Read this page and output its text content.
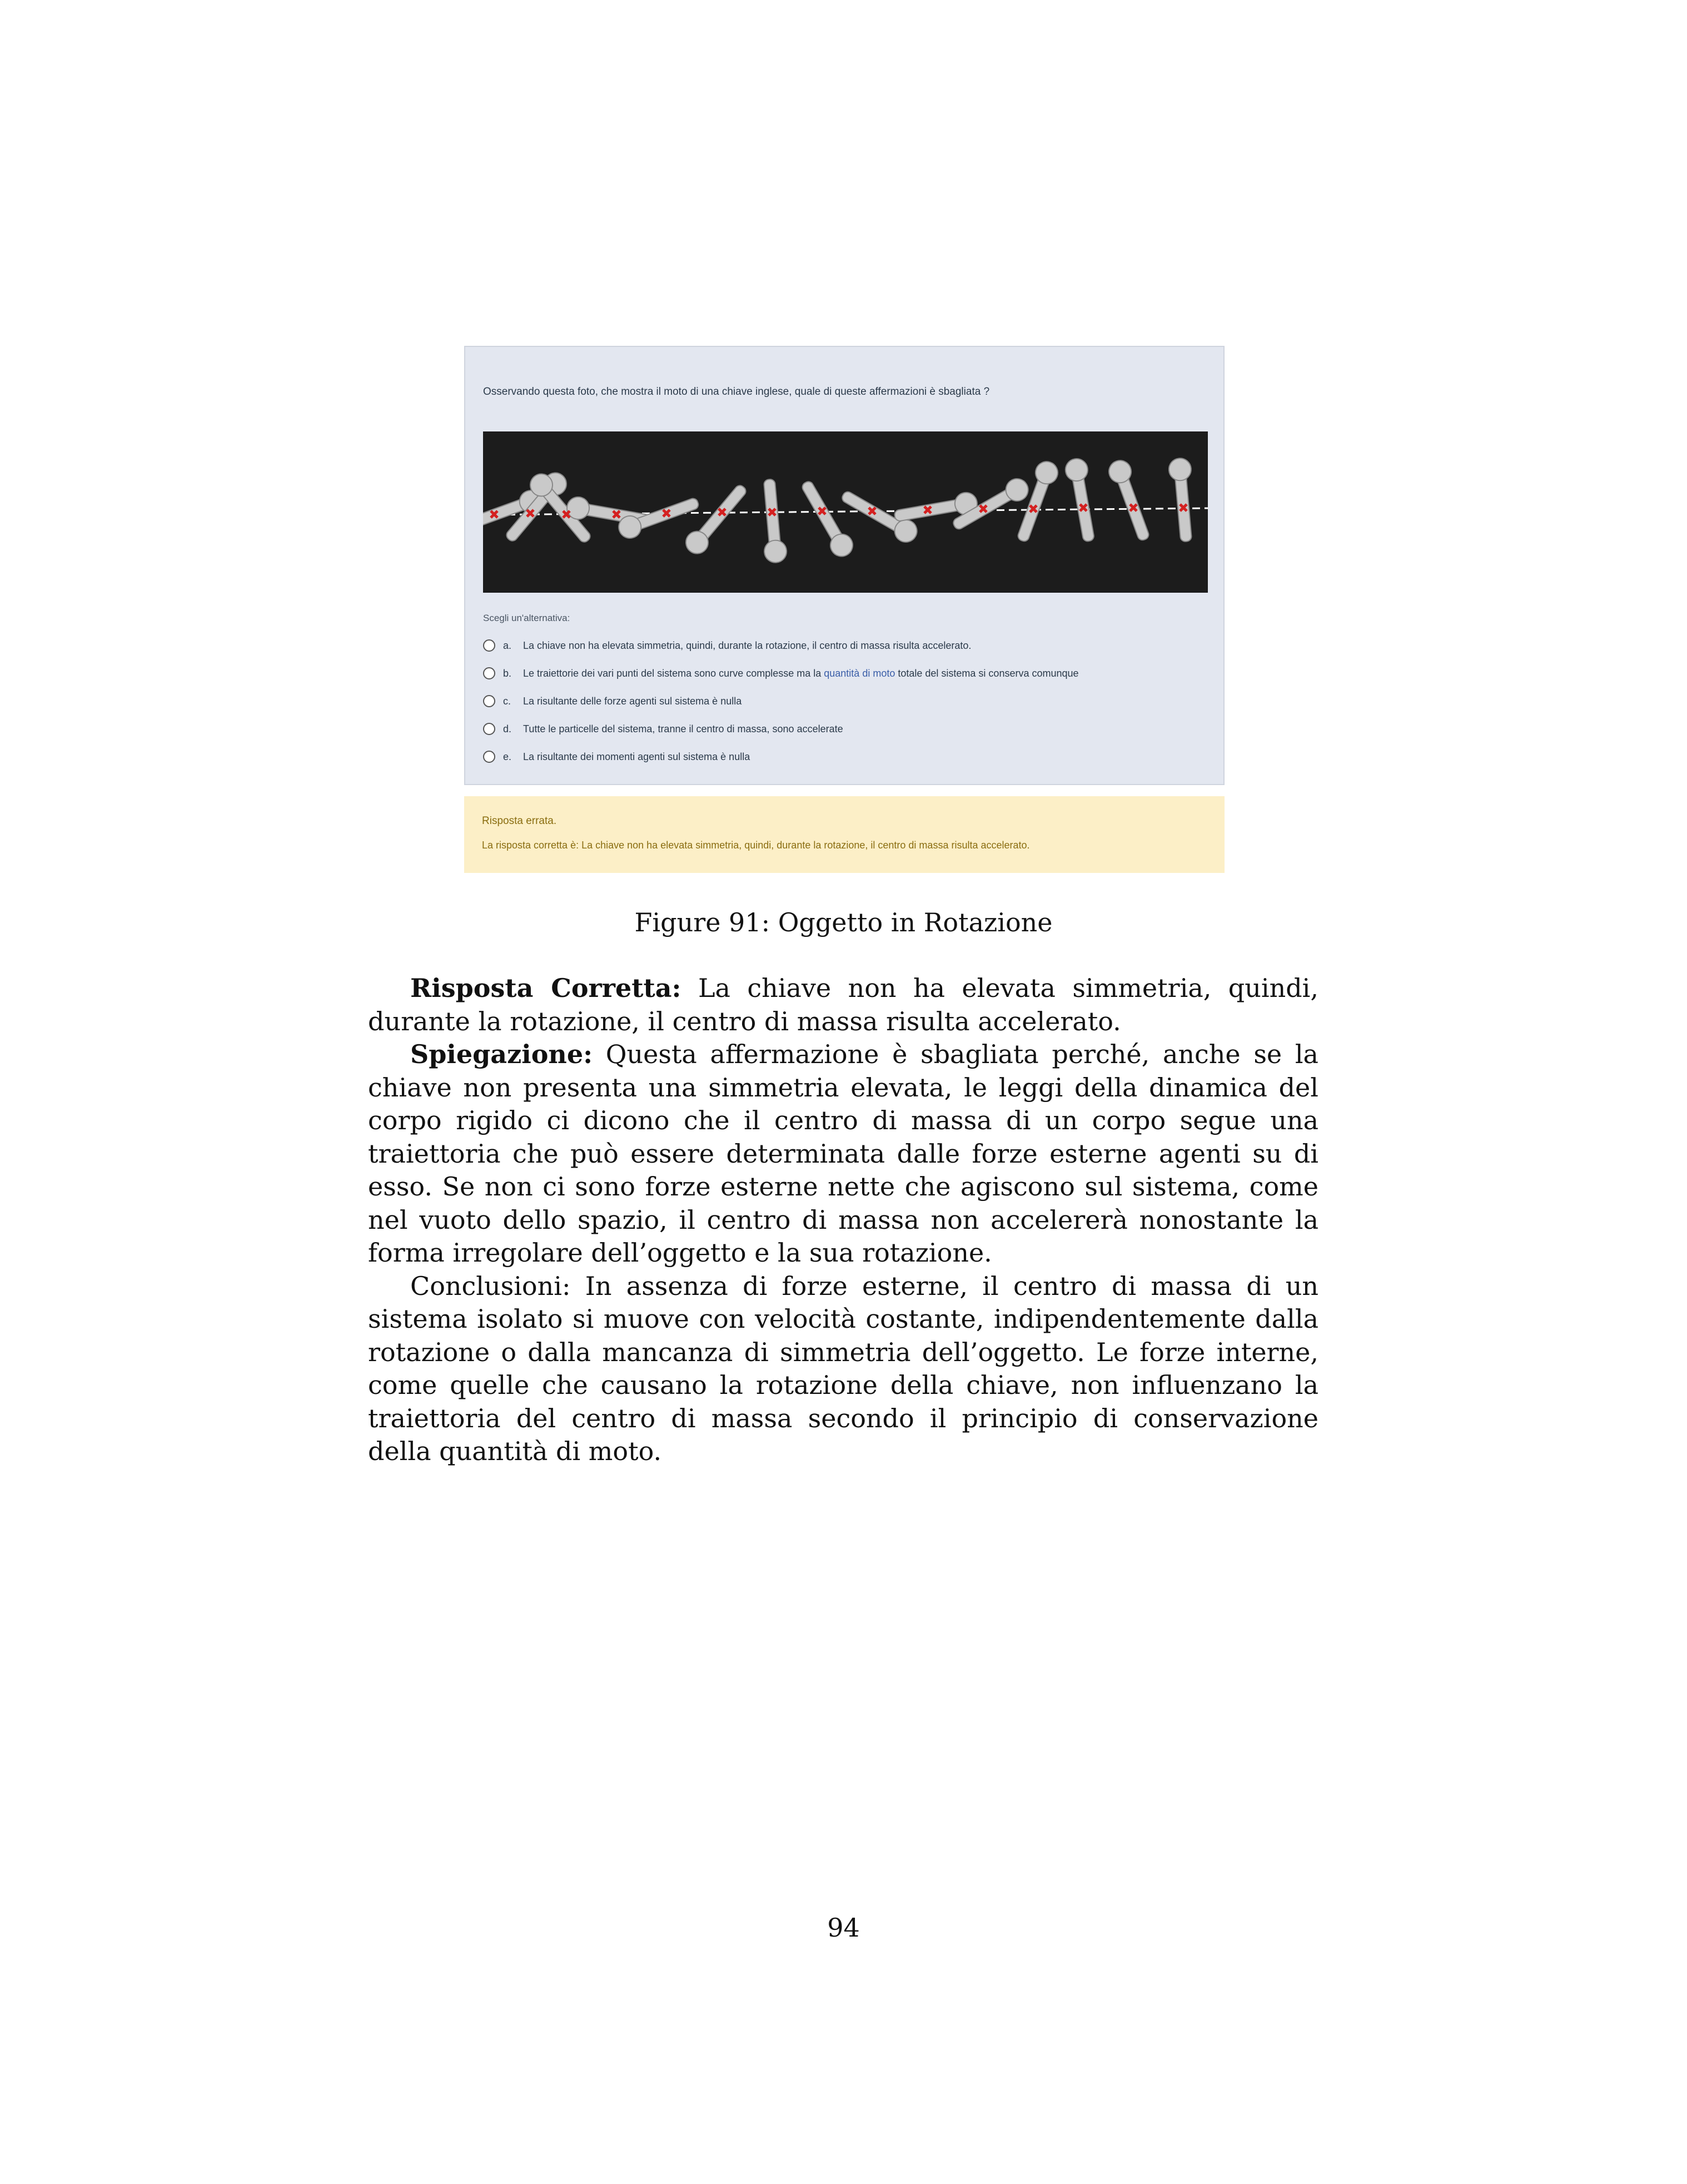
Osservando questa foto, che mostra il moto di una chiave inglese, quale di queste affermazioni è sbagliata ?
Scegli un'alternativa:
a.	La chiave non ha elevata simmetria, quindi, durante la rotazione, il centro di massa risulta accelerato.
b.	Le traiettorie dei vari punti del sistema sono curve complesse ma la quantità di moto totale del sistema si conserva comunque
c.	La risultante delle forze agenti sul sistema è nulla
d.	Tutte le particelle del sistema, tranne il centro di massa, sono accelerate
e.	La risultante dei momenti agenti sul sistema è nulla
Risposta errata.
La risposta corretta è: La chiave non ha elevata simmetria, quindi, durante la rotazione, il centro di massa risulta accelerato.
Figure 91: Oggetto in Rotazione

Risposta Corretta: La chiave non ha elevata simmetria, quindi, durante la rotazione, il centro di massa risulta accelerato.

Spiegazione: Questa affermazione è sbagliata perché, anche se la chiave non presenta una simmetria elevata, le leggi della dinamica del corpo rigido ci dicono che il centro di massa di un corpo segue una traiettoria che può essere determinata dalle forze esterne agenti su di esso. Se non ci sono forze esterne nette che agiscono sul sistema, come nel vuoto dello spazio, il centro di massa non accelererà nonostante la forma irregolare dell’oggetto e la sua rotazione.

Conclusioni: In assenza di forze esterne, il centro di massa di un sistema isolato si muove con velocità costante, indipendentemente dalla rotazione o dalla mancanza di simmetria dell’oggetto. Le forze interne, come quelle che causano la rotazione della chiave, non influenzano la traiettoria del centro di massa secondo il principio di conservazione della quantità di moto.

94
